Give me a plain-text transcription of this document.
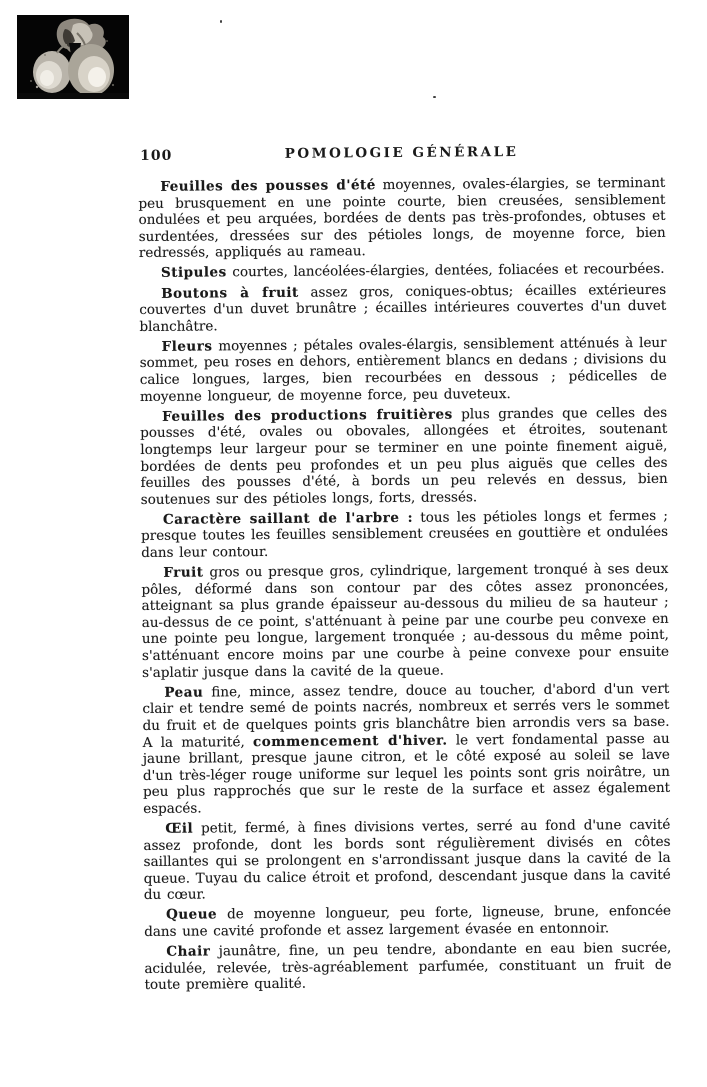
100	POMOLOGIE GÉNÉRALE

Feuilles des pousses d'été moyennes, ovales-élargies, se terminant peu brusquement en une pointe courte, bien creusées, sensiblement ondulées et peu arquées, bordées de dents pas très-profondes, obtuses et surdentées, dressées sur des pétioles longs, de moyenne force, bien redressés, appliqués au rameau.

Stipules courtes, lancéolées-élargies, dentées, foliacées et recourbées.

Boutons à fruit assez gros, coniques-obtus; écailles extérieures couvertes d'un duvet brunâtre ; écailles intérieures couvertes d'un duvet blanchâtre.

Fleurs moyennes ; pétales ovales-élargis, sensiblement atténués à leur sommet, peu roses en dehors, entièrement blancs en dedans ; divisions du calice longues, larges, bien recourbées en dessous ; pédicelles de moyenne longueur, de moyenne force, peu duveteux.

Feuilles des productions fruitières plus grandes que celles des pousses d'été, ovales ou obovales, allongées et étroites, soutenant longtemps leur largeur pour se terminer en une pointe finement aiguë, bordées de dents peu profondes et un peu plus aiguës que celles des feuilles des pousses d'été, à bords un peu relevés en dessus, bien soutenues sur des pétioles longs, forts, dressés.

Caractère saillant de l'arbre : tous les pétioles longs et fermes ; presque toutes les feuilles sensiblement creusées en gouttière et ondulées dans leur contour.

Fruit gros ou presque gros, cylindrique, largement tronqué à ses deux pôles, déformé dans son contour par des côtes assez prononcées, atteignant sa plus grande épaisseur au-dessous du milieu de sa hauteur ; au-dessus de ce point, s'atténuant à peine par une courbe peu convexe en une pointe peu longue, largement tronquée ; au-dessous du même point, s'atténuant encore moins par une courbe à peine convexe pour ensuite s'aplatir jusque dans la cavité de la queue.

Peau fine, mince, assez tendre, douce au toucher, d'abord d'un vert clair et tendre semé de points nacrés, nombreux et serrés vers le sommet du fruit et de quelques points gris blanchâtre bien arrondis vers sa base. A la maturité, commencement d'hiver. le vert fondamental passe au jaune brillant, presque jaune citron, et le côté exposé au soleil se lave d'un très-léger rouge uniforme sur lequel les points sont gris noirâtre, un peu plus rapprochés que sur le reste de la surface et assez également espacés.

Œil petit, fermé, à fines divisions vertes, serré au fond d'une cavité assez profonde, dont les bords sont régulièrement divisés en côtes saillantes qui se prolongent en s'arrondissant jusque dans la cavité de la queue. Tuyau du calice étroit et profond, descendant jusque dans la cavité du cœur.

Queue de moyenne longueur, peu forte, ligneuse, brune, enfoncée dans une cavité profonde et assez largement évasée en entonnoir.

Chair jaunâtre, fine, un peu tendre, abondante en eau bien sucrée, acidulée, relevée, très-agréablement parfumée, constituant un fruit de toute première qualité.
